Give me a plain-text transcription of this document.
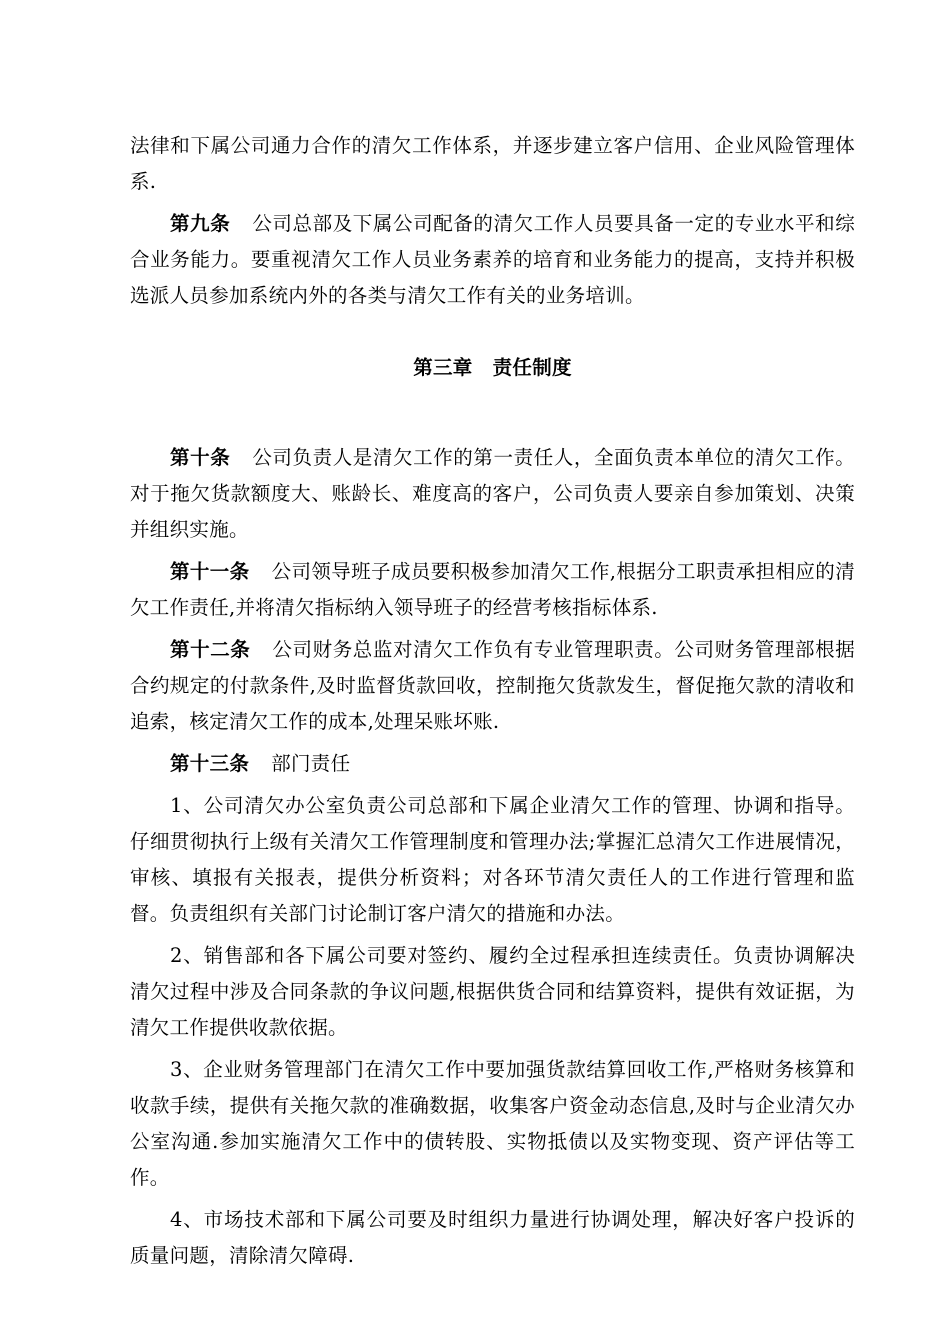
法律和下属公司通力合作的清欠工作体系，并逐步建立客户信用、企业风险管理体系.

第九条 公司总部及下属公司配备的清欠工作人员要具备一定的专业水平和综合业务能力。要重视清欠工作人员业务素养的培育和业务能力的提高，支持并积极选派人员参加系统内外的各类与清欠工作有关的业务培训。

第三章 责任制度

第十条 公司负责人是清欠工作的第一责任人，全面负责本单位的清欠工作。对于拖欠货款额度大、账龄长、难度高的客户，公司负责人要亲自参加策划、决策并组织实施。

第十一条 公司领导班子成员要积极参加清欠工作,根据分工职责承担相应的清欠工作责任,并将清欠指标纳入领导班子的经营考核指标体系.

第十二条 公司财务总监对清欠工作负有专业管理职责。公司财务管理部根据合约规定的付款条件,及时监督货款回收，控制拖欠货款发生，督促拖欠款的清收和追索，核定清欠工作的成本,处理呆账坏账.

第十三条 部门责任

1、公司清欠办公室负责公司总部和下属企业清欠工作的管理、协调和指导。仔细贯彻执行上级有关清欠工作管理制度和管理办法;掌握汇总清欠工作进展情况，审核、填报有关报表，提供分析资料；对各环节清欠责任人的工作进行管理和监督。负责组织有关部门讨论制订客户清欠的措施和办法。

2、销售部和各下属公司要对签约、履约全过程承担连续责任。负责协调解决清欠过程中涉及合同条款的争议问题,根据供货合同和结算资料，提供有效证据，为清欠工作提供收款依据。

3、企业财务管理部门在清欠工作中要加强货款结算回收工作,严格财务核算和收款手续，提供有关拖欠款的准确数据，收集客户资金动态信息,及时与企业清欠办公室沟通.参加实施清欠工作中的债转股、实物抵债以及实物变现、资产评估等工作。

4、市场技术部和下属公司要及时组织力量进行协调处理，解决好客户投诉的质量问题，清除清欠障碍.
